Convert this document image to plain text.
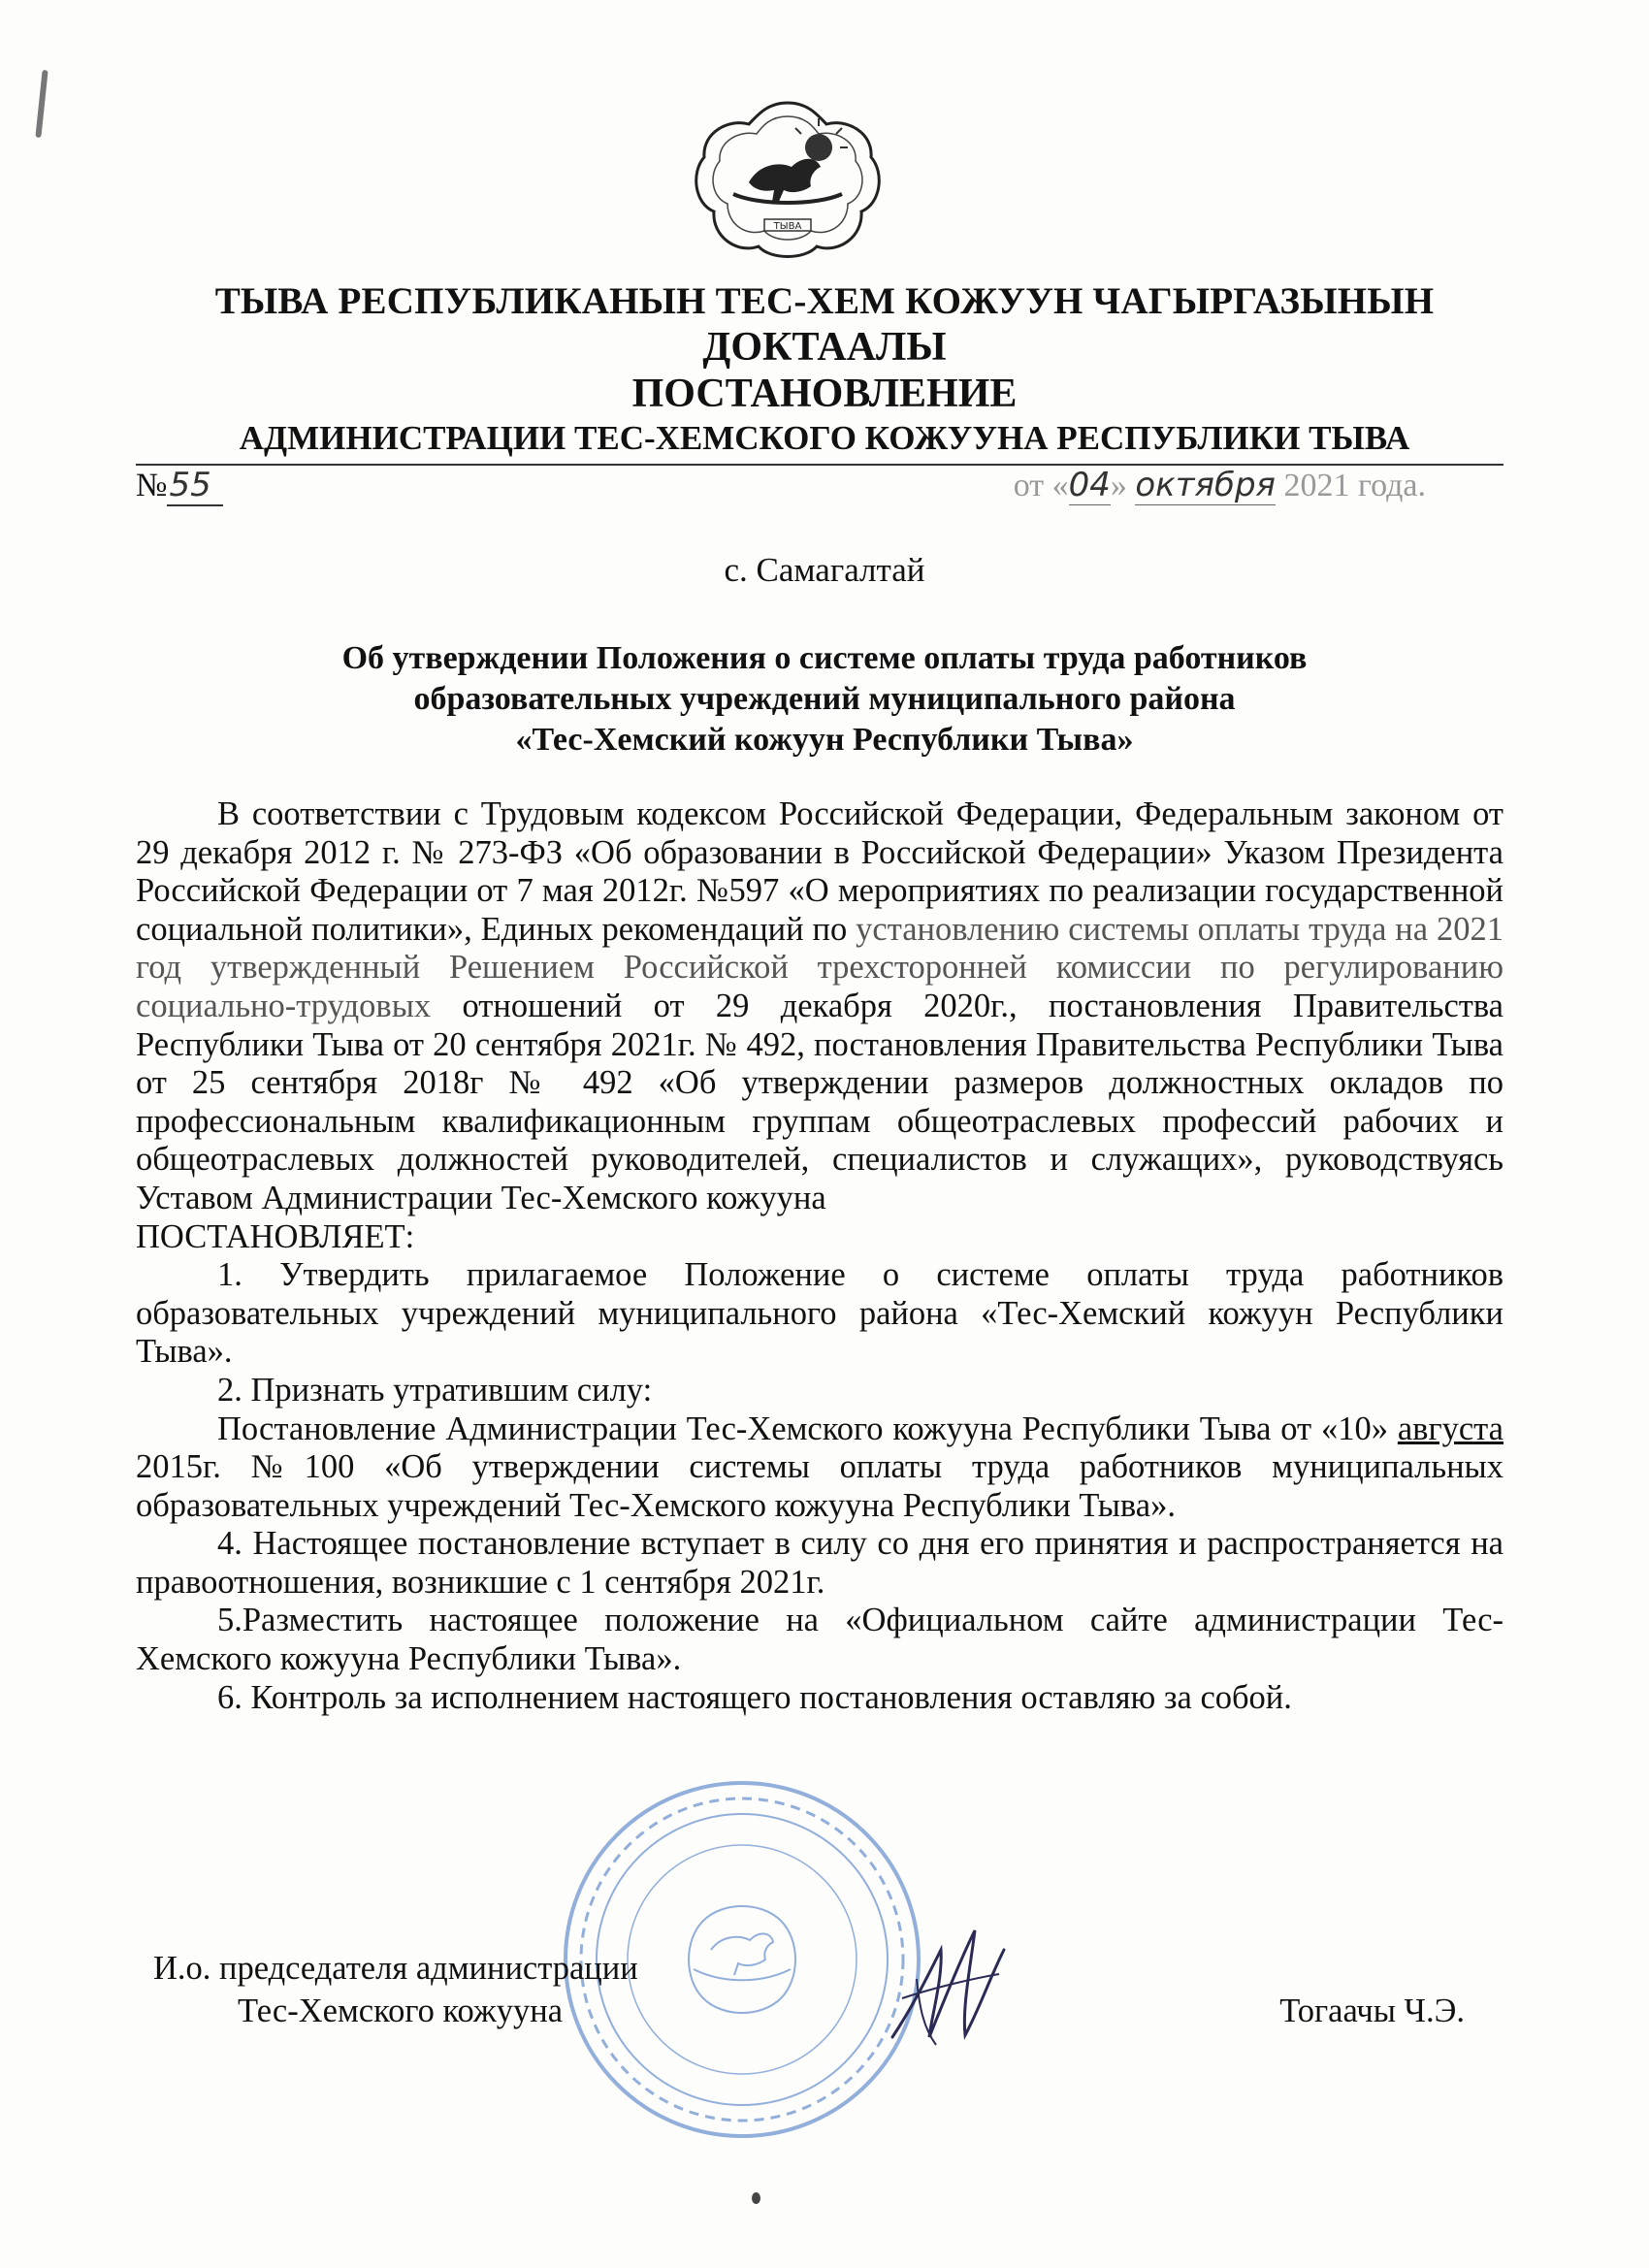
ТЫВА
ТЫВА РЕСПУБЛИКАНЫН ТЕС-ХЕМ КОЖУУН ЧАГЫРГАЗЫНЫН
ДОКТААЛЫ
ПОСТАНОВЛЕНИЕ
АДМИНИСТРАЦИИ ТЕС-ХЕМСКОГО КОЖУУНА РЕСПУБЛИКИ ТЫВА
№55	от «04» октября 2021 года.
с. Самагалтай
Об утверждении Положения о системе оплаты труда работников
образовательных учреждений муниципального района
«Тес-Хемский кожуун Республики Тыва»

В соответствии с Трудовым кодексом Российской Федерации, Федеральным законом от 29 декабря 2012 г. № 273-ФЗ «Об образовании в Российской Федерации» Указом Президента Российской Федерации от 7 мая 2012г. №597 «О мероприятиях по реализации государственной социальной политики», Единых рекомендаций по установлению системы оплаты труда на 2021 год утвержденный Решением Российской трехсторонней комиссии по регулированию социально-трудовых отношений от 29 декабря 2020г., постановления Правительства Республики Тыва от 20 сентября 2021г. № 492, постановления Правительства Республики Тыва от 25 сентября 2018г № 492 «Об утверждении размеров должностных окладов по профессиональным квалификационным группам общеотраслевых профессий рабочих и общеотраслевых должностей руководителей, специалистов и служащих», руководствуясь Уставом Администрации Тес-Хемского кожууна

ПОСТАНОВЛЯЕТ:

1. Утвердить прилагаемое Положение о системе оплаты труда работников образовательных учреждений муниципального района «Тес-Хемский кожуун Республики Тыва».

2. Признать утратившим силу:

Постановление Администрации Тес-Хемского кожууна Республики Тыва от «10» августа 2015г. №100 «Об утверждении системы оплаты труда работников муниципальных образовательных учреждений Тес-Хемского кожууна Республики Тыва».

4. Настоящее постановление вступает в силу со дня его принятия и распространяется на правоотношения, возникшие с 1 сентября 2021г.

5.Разместить настоящее положение на «Официальном сайте администрации Тес-Хемского кожууна Республики Тыва».

6. Контроль за исполнением настоящего постановления оставляю за собой.

И.о. председателя администрации
Тес-Хемского кожууна	Тогаачы Ч.Э.
